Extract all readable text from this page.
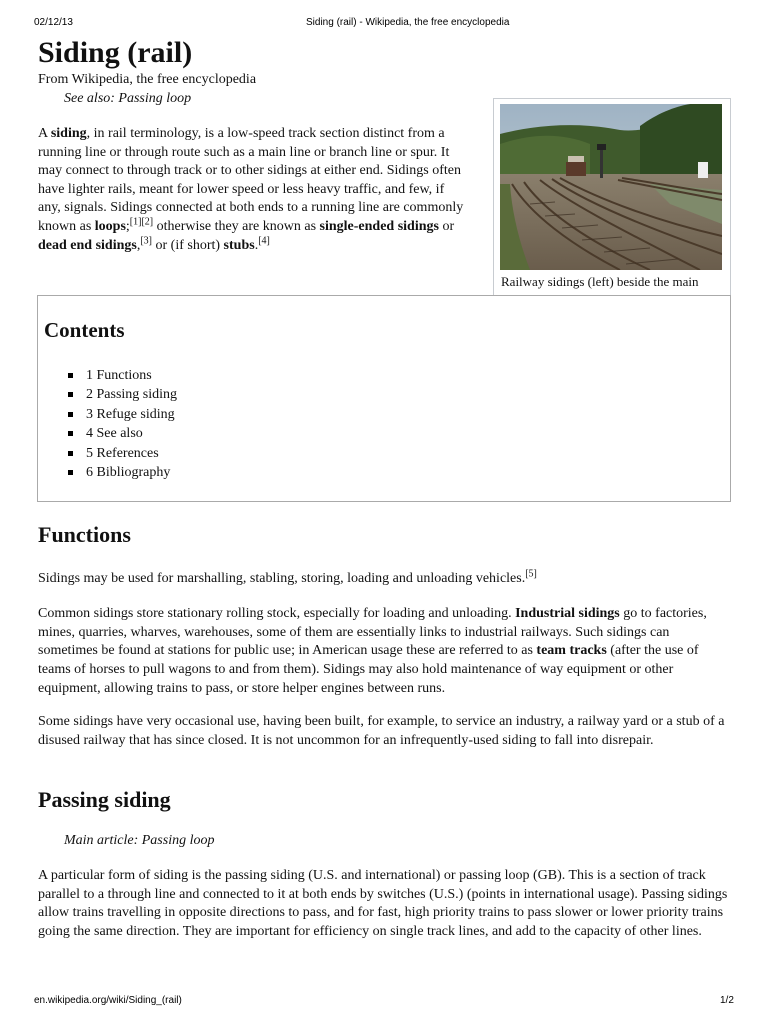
02/12/13	Siding (rail) - Wikipedia, the free encyclopedia
Siding (rail)
From Wikipedia, the free encyclopedia
See also: Passing loop

A siding, in rail terminology, is a low-speed track section distinct from a running line or through route such as a main line or branch line or spur. It may connect to through track or to other sidings at either end. Sidings often have lighter rails, meant for lower speed or less heavy traffic, and few, if any, signals. Sidings connected at both ends to a running line are commonly known as loops;[1][2] otherwise they are known as single-ended sidings or dead end sidings,[3] or (if short) stubs.[4]

Railway sidings (left) beside the main
Contents
1 Functions
2 Passing siding
3 Refuge siding
4 See also
5 References
6 Bibliography
Functions

Sidings may be used for marshalling, stabling, storing, loading and unloading vehicles.[5]

Common sidings store stationary rolling stock, especially for loading and unloading. Industrial sidings go to factories, mines, quarries, wharves, warehouses, some of them are essentially links to industrial railways. Such sidings can sometimes be found at stations for public use; in American usage these are referred to as team tracks (after the use of teams of horses to pull wagons to and from them). Sidings may also hold maintenance of way equipment or other equipment, allowing trains to pass, or store helper engines between runs.

Some sidings have very occasional use, having been built, for example, to service an industry, a railway yard or a stub of a disused railway that has since closed. It is not uncommon for an infrequently-used siding to fall into disrepair.

Passing siding
Main article: Passing loop

A particular form of siding is the passing siding (U.S. and international) or passing loop (GB). This is a section of track parallel to a through line and connected to it at both ends by switches (U.S.) (points in international usage). Passing sidings allow trains travelling in opposite directions to pass, and for fast, high priority trains to pass slower or lower priority trains going the same direction. They are important for efficiency on single track lines, and add to the capacity of other lines.

en.wikipedia.org/wiki/Siding_(rail)	1/2
